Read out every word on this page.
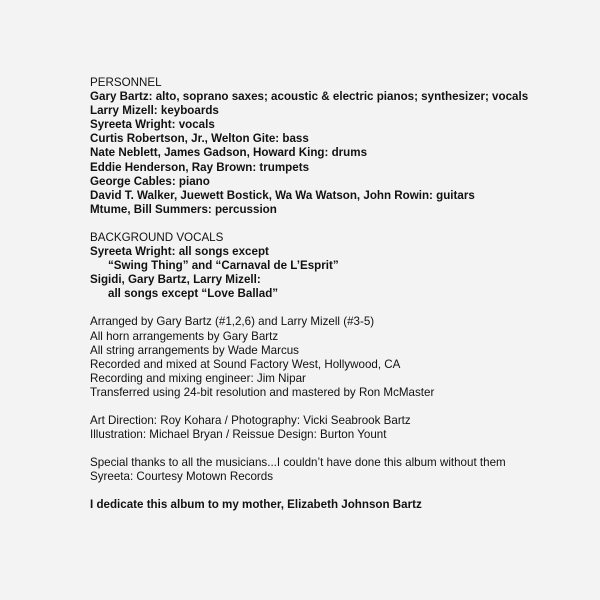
PERSONNEL
Gary Bartz: alto, soprano saxes; acoustic & electric pianos; synthesizer; vocals
Larry Mizell: keyboards
Syreeta Wright: vocals
Curtis Robertson, Jr., Welton Gite: bass
Nate Neblett, James Gadson, Howard King: drums
Eddie Henderson, Ray Brown: trumpets
George Cables: piano
David T. Walker, Juewett Bostick, Wa Wa Watson, John Rowin: guitars
Mtume, Bill Summers: percussion
BACKGROUND VOCALS
Syreeta Wright: all songs except
“Swing Thing” and “Carnaval de L’Esprit”
Sigidi, Gary Bartz, Larry Mizell:
all songs except “Love Ballad”
Arranged by Gary Bartz (#1,2,6) and Larry Mizell (#3-5)
All horn arrangements by Gary Bartz
All string arrangements by Wade Marcus
Recorded and mixed at Sound Factory West, Hollywood, CA
Recording and mixing engineer: Jim Nipar
Transferred using 24-bit resolution and mastered by Ron McMaster
Art Direction: Roy Kohara / Photography: Vicki Seabrook Bartz
Illustration: Michael Bryan / Reissue Design: Burton Yount
Special thanks to all the musicians...I couldn’t have done this album without them
Syreeta: Courtesy Motown Records
I dedicate this album to my mother, Elizabeth Johnson Bartz
